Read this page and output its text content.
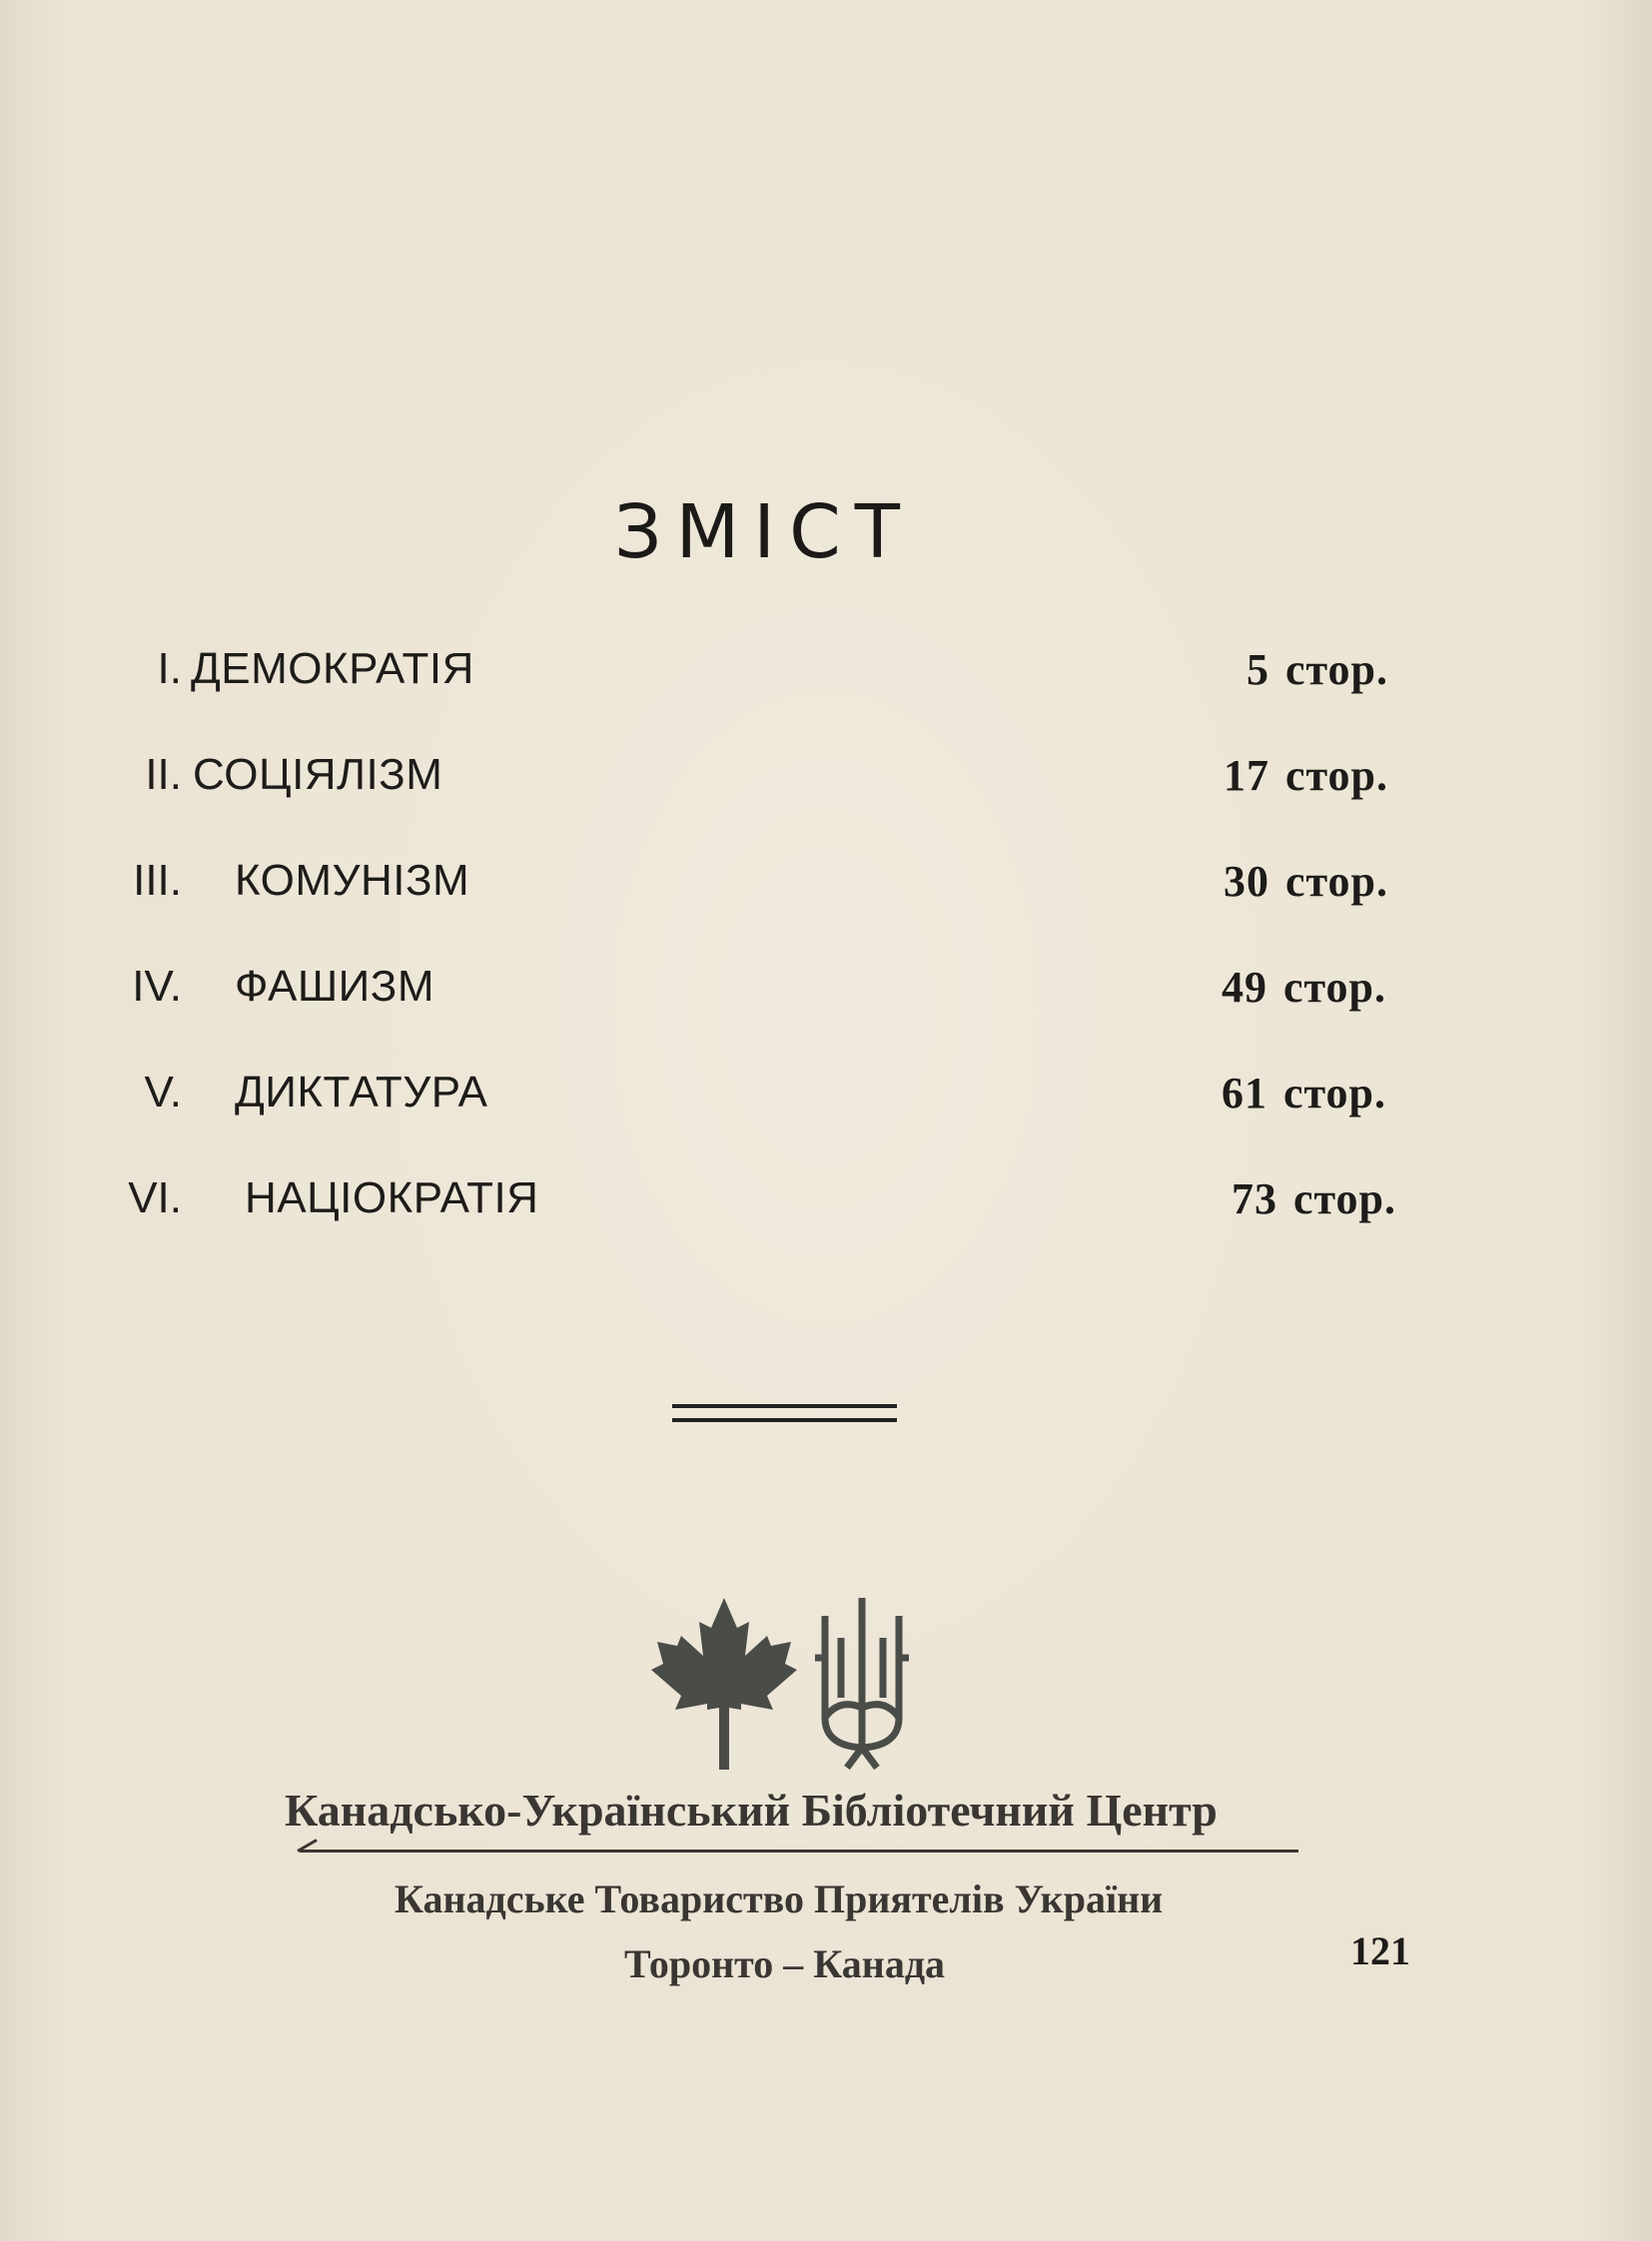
ЗМІСТ
I. ДЕМОКРАТІЯ	5 стор.
II. СОЦІЯЛІЗМ	17 стор.
III. КОМУНІЗМ	30 стор.
IV. ФАШИЗМ	49 стор.
V. ДИКТАТУРА	61 стор.
VI. НАЦІОКРАТІЯ	73 стор.
Канадсько-Український Бібліотечний Центр
Канадське Товариство Приятелів України
Торонто – Канада	121
